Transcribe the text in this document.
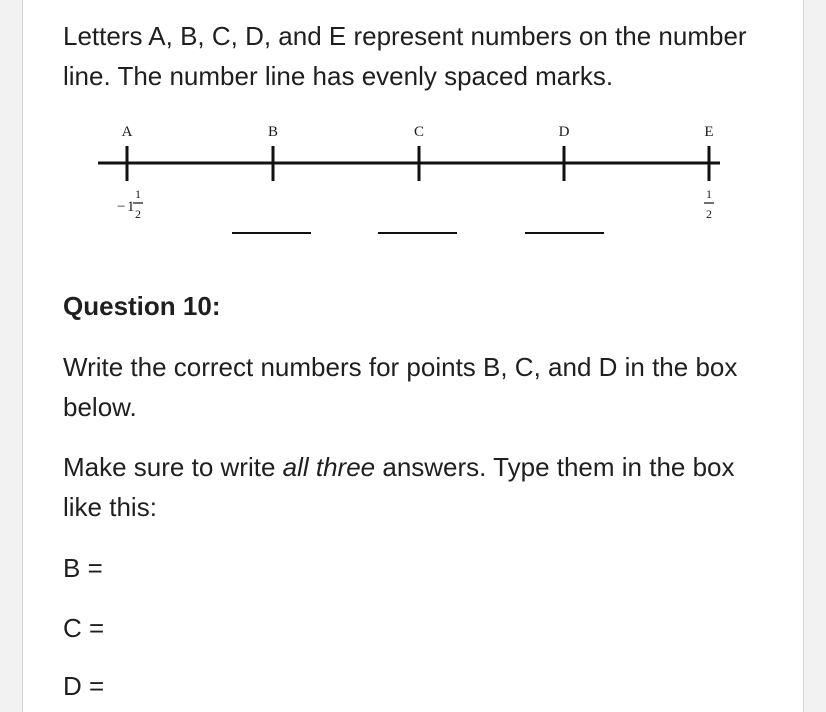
Letters A, B, C, D, and E represent numbers on the number line. The number line has evenly spaced marks.

A	B	C	D	E
− 1
1
2
1
2

Question 10:

Write the correct numbers for points B, C, and D in the box below.

Make sure to write all three answers. Type them in the box like this:

B =

C =

D =
